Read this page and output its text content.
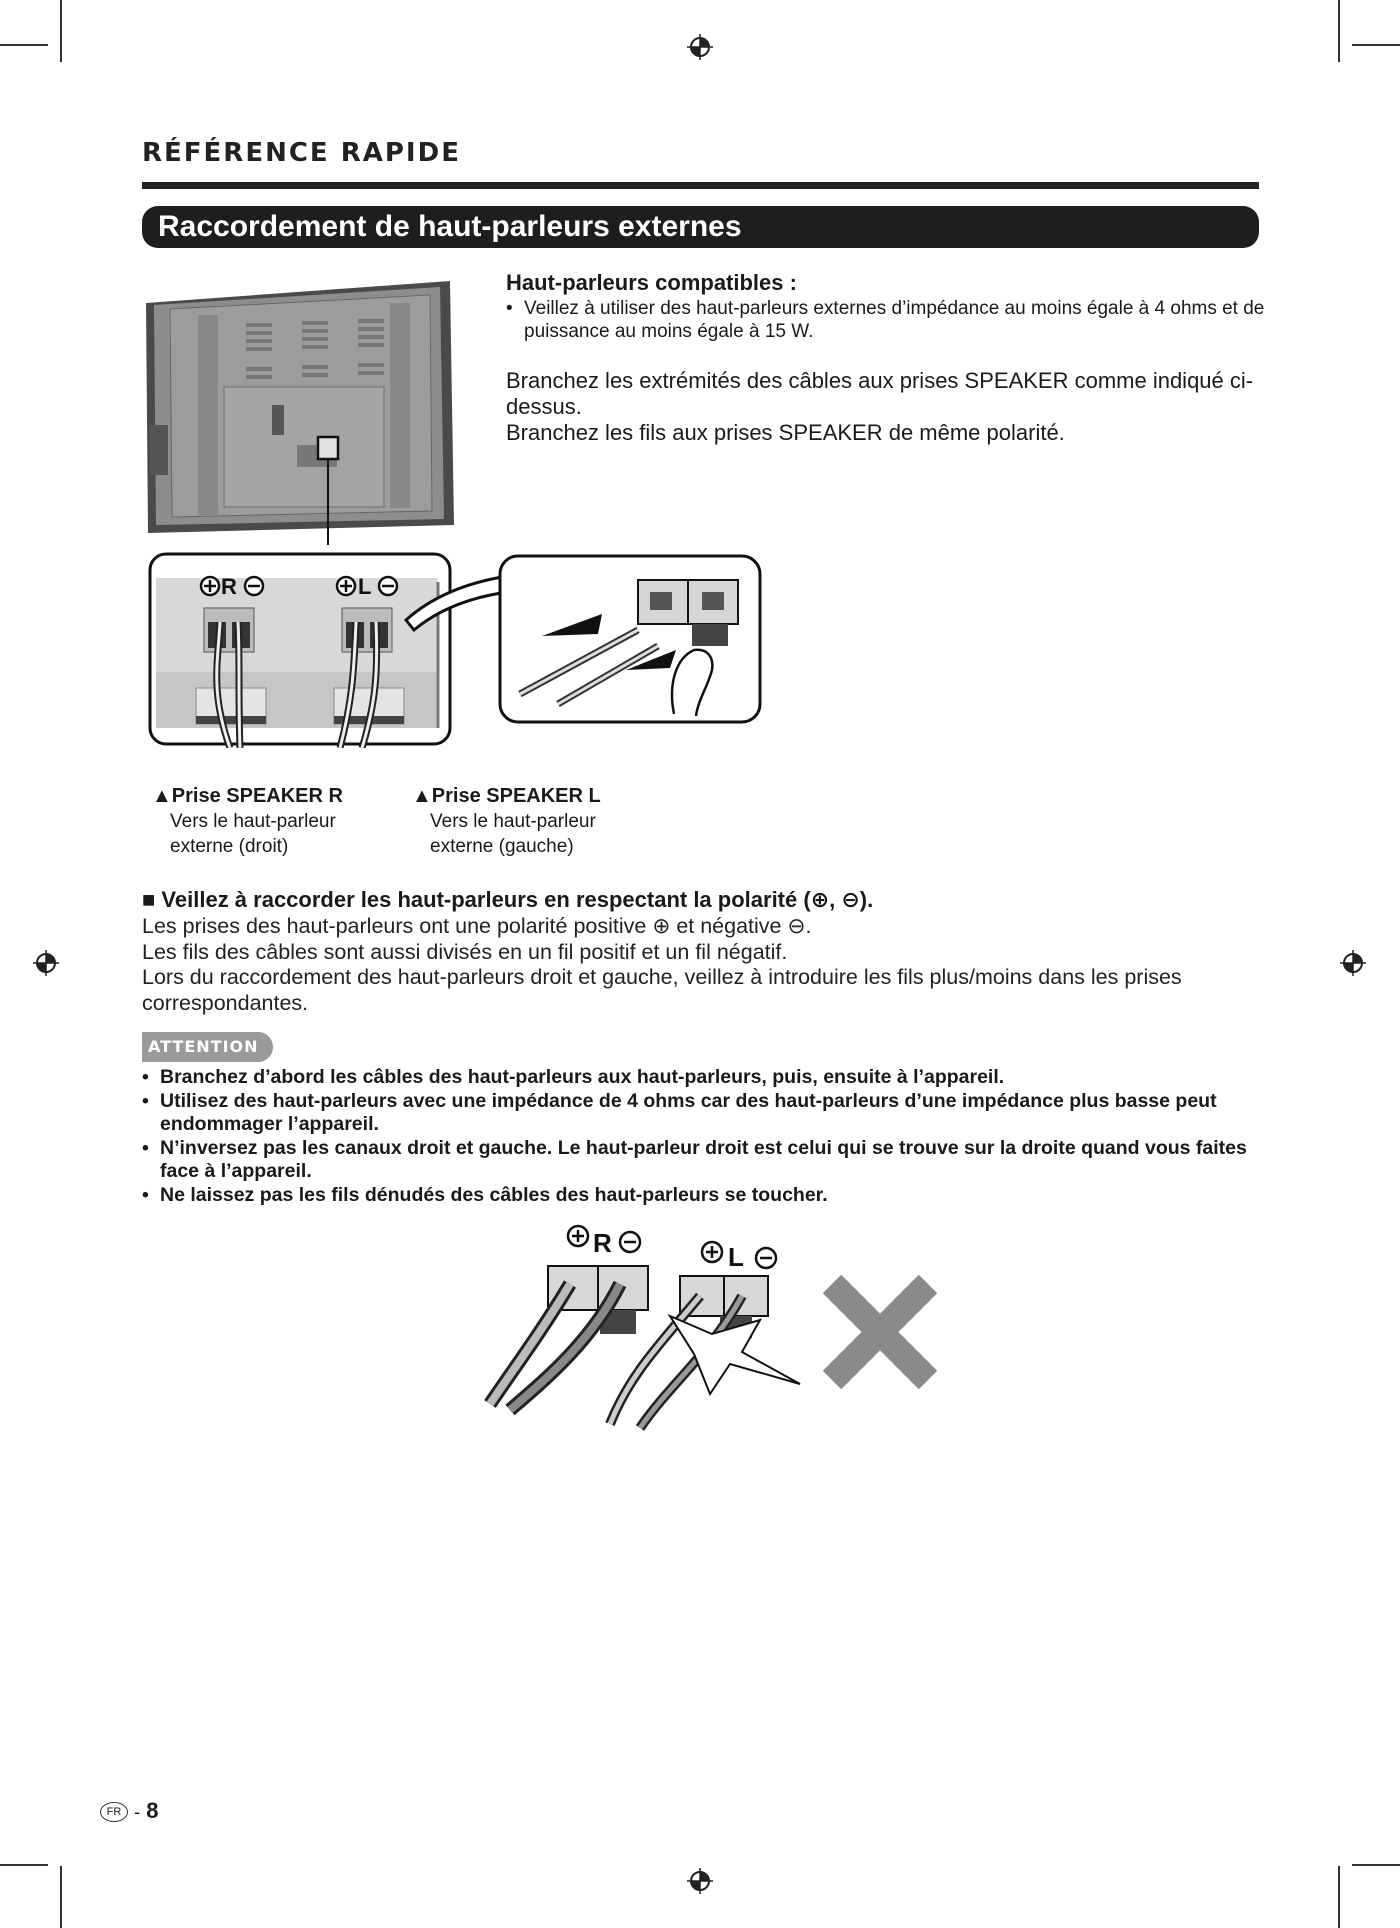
RÉFÉRENCE RAPIDE
Raccordement de haut-parleurs externes
R	L
Haut-parleurs compatibles :
• Veillez à utiliser des haut-parleurs externes d’impédance au moins égale à 4 ohms et de puissance au moins égale à 15 W.
Branchez les extrémités des câbles aux prises SPEAKER comme indiqué ci-dessus.
Branchez les fils aux prises SPEAKER de même polarité.
▲Prise SPEAKER R
Vers le haut-parleur
externe (droit)
▲Prise SPEAKER L
Vers le haut-parleur
externe (gauche)
■ Veillez à raccorder les haut-parleurs en respectant la polarité (⊕, ⊖).
Les prises des haut-parleurs ont une polarité positive ⊕ et négative ⊖.
Les fils des câbles sont aussi divisés en un fil positif et un fil négatif.
Lors du raccordement des haut-parleurs droit et gauche, veillez à introduire les fils plus/moins dans les prises correspondantes.
ATTENTION
• Branchez d’abord les câbles des haut-parleurs aux haut-parleurs, puis, ensuite à l’appareil.
• Utilisez des haut-parleurs avec une impédance de 4 ohms car des haut-parleurs d’une impédance plus basse peut endommager l’appareil.
• N’inversez pas les canaux droit et gauche. Le haut-parleur droit est celui qui se trouve sur la droite quand vous faites face à l’appareil.
• Ne laissez pas les fils dénudés des câbles des haut-parleurs se toucher.
R	L
FR - 8
